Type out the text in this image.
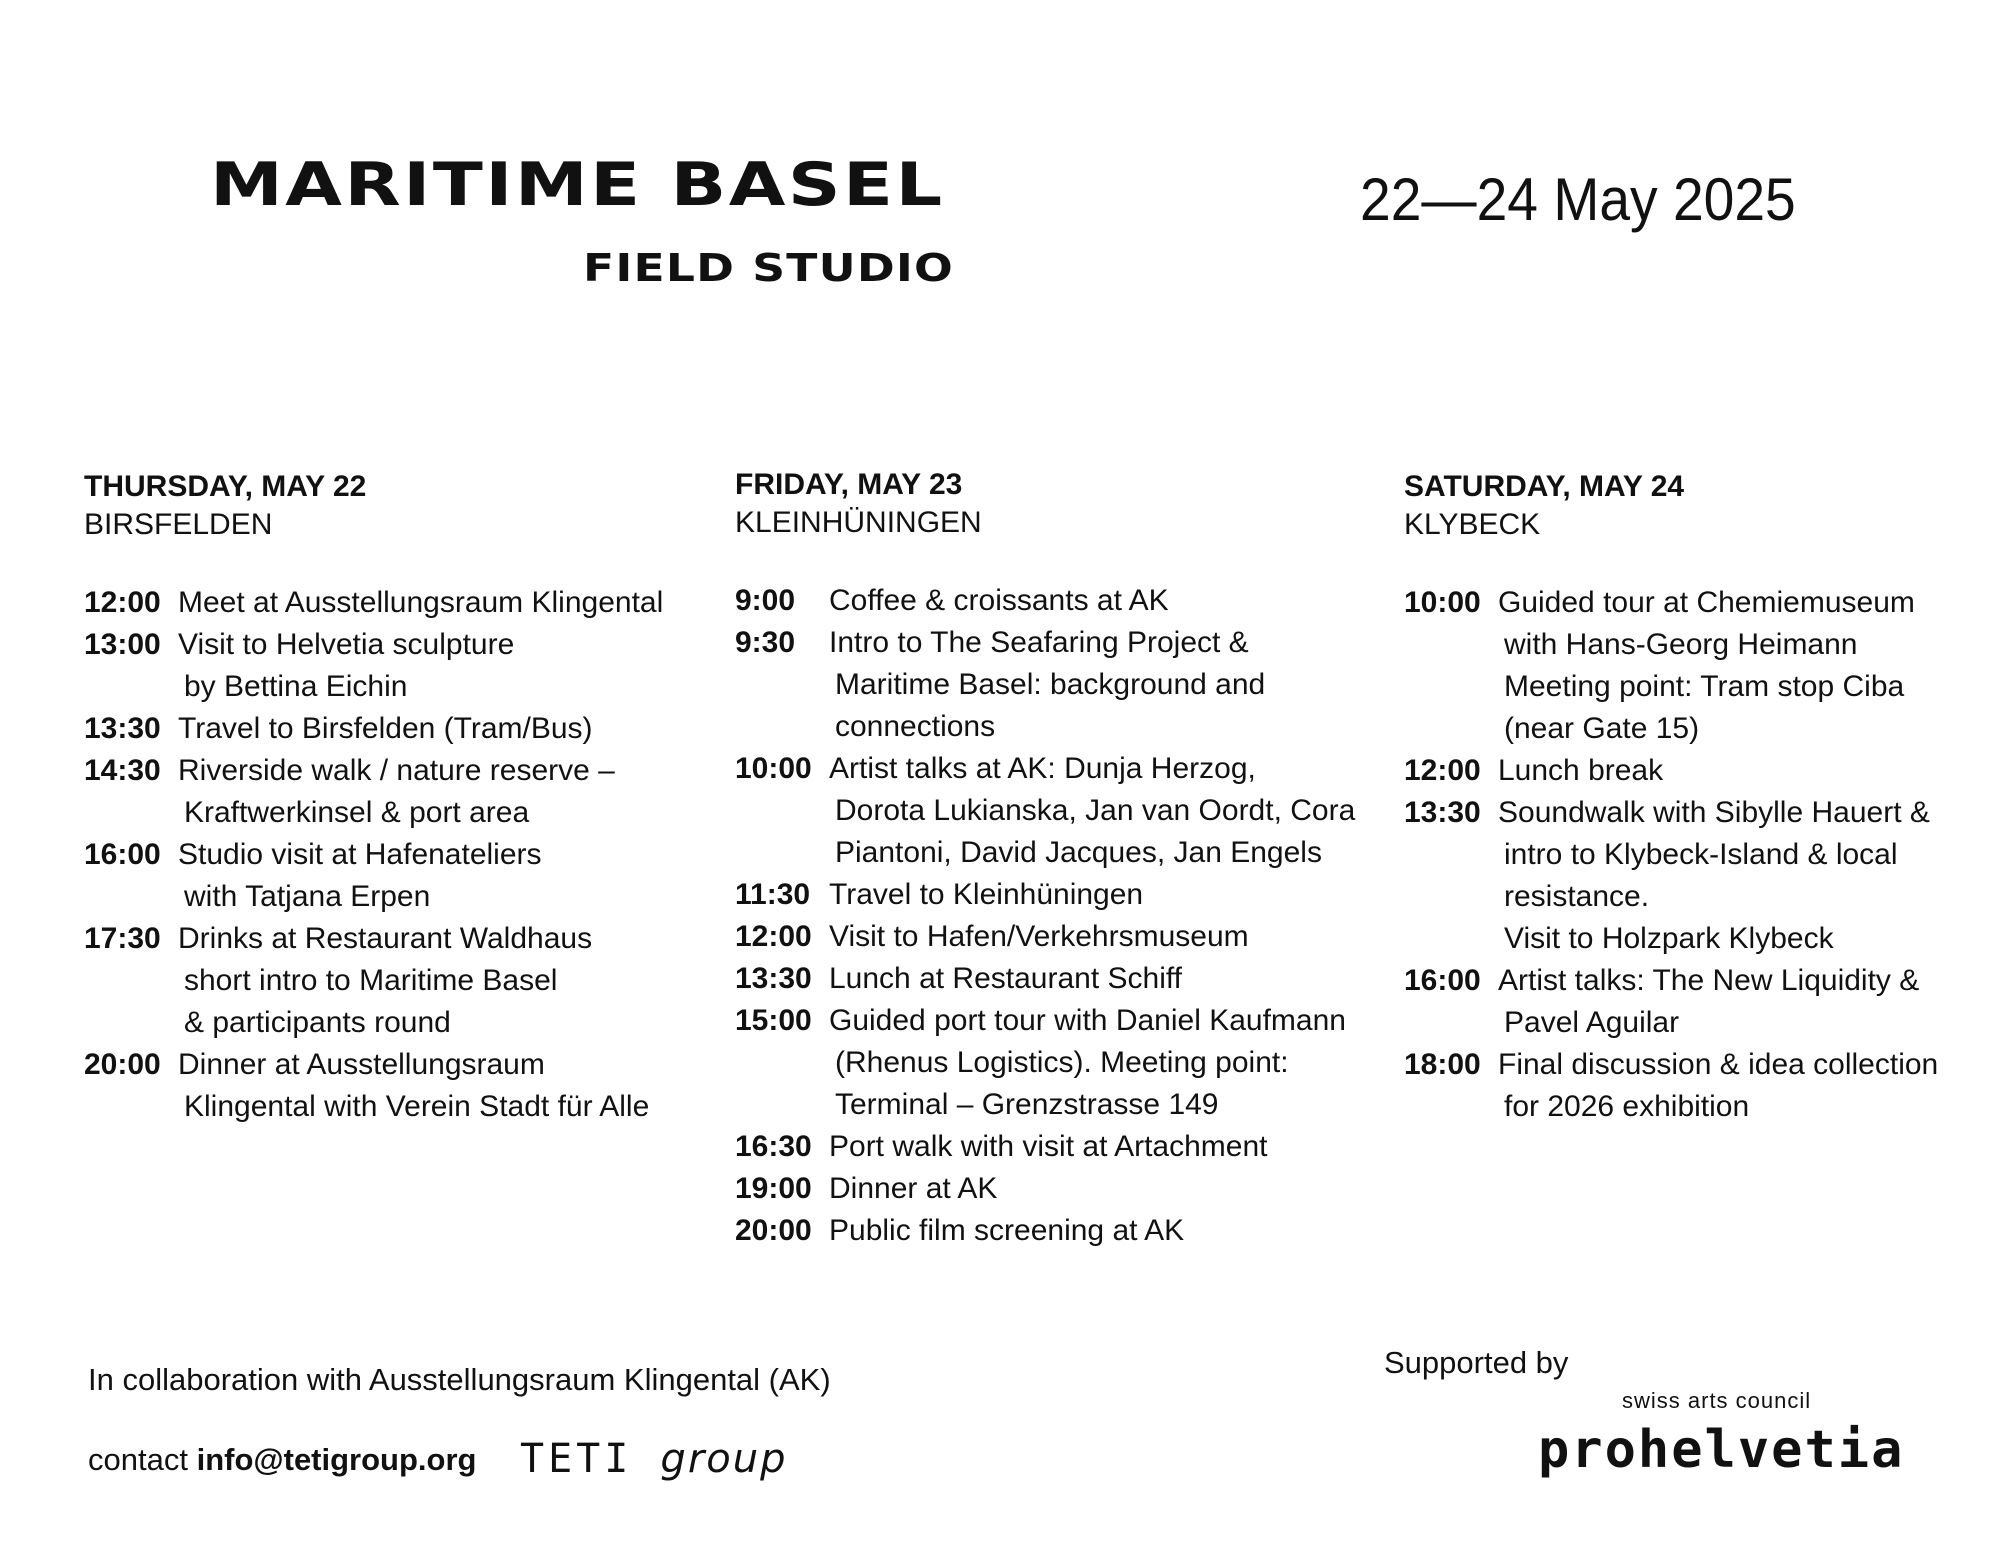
MARITIME BASEL
FIELD STUDIO
22—24 May 2025
THURSDAY, MAY 22
BIRSFELDEN
12:00 Meet at Ausstellungsraum Klingental
13:00 Visit to Helvetia sculpture
by Bettina Eichin
13:30 Travel to Birsfelden (Tram/Bus)
14:30 Riverside walk / nature reserve –
Kraftwerkinsel & port area
16:00 Studio visit at Hafenateliers
with Tatjana Erpen
17:30 Drinks at Restaurant Waldhaus
short intro to Maritime Basel
& participants round
20:00 Dinner at Ausstellungsraum
Klingental with Verein Stadt für Alle
FRIDAY, MAY 23
KLEINHÜNINGEN
9:00	Coffee & croissants at AK
9:30	Intro to The Seafaring Project &
Maritime Basel: background and
connections
10:00 Artist talks at AK: Dunja Herzog,
Dorota Lukianska, Jan van Oordt, Cora
Piantoni, David Jacques, Jan Engels
11:30 Travel to Kleinhüningen
12:00 Visit to Hafen/Verkehrsmuseum
13:30 Lunch at Restaurant Schiff
15:00 Guided port tour with Daniel Kaufmann
(Rhenus Logistics). Meeting point:
Terminal – Grenzstrasse 149
16:30 Port walk with visit at Artachment
19:00 Dinner at AK
20:00 Public film screening at AK
SATURDAY, MAY 24
KLYBECK
10:00 Guided tour at Chemiemuseum
with Hans-Georg Heimann
Meeting point: Tram stop Ciba
(near Gate 15)
12:00 Lunch break
13:30 Soundwalk with Sibylle Hauert &
intro to Klybeck-Island & local
resistance.
Visit to Holzpark Klybeck
16:00 Artist talks: The New Liquidity &
Pavel Aguilar
18:00 Final discussion & idea collection
for 2026 exhibition
In collaboration with Ausstellungsraum Klingental (AK)
contact info@tetigroup.org TETI group
Supported by
swiss arts council
prohelvetia
